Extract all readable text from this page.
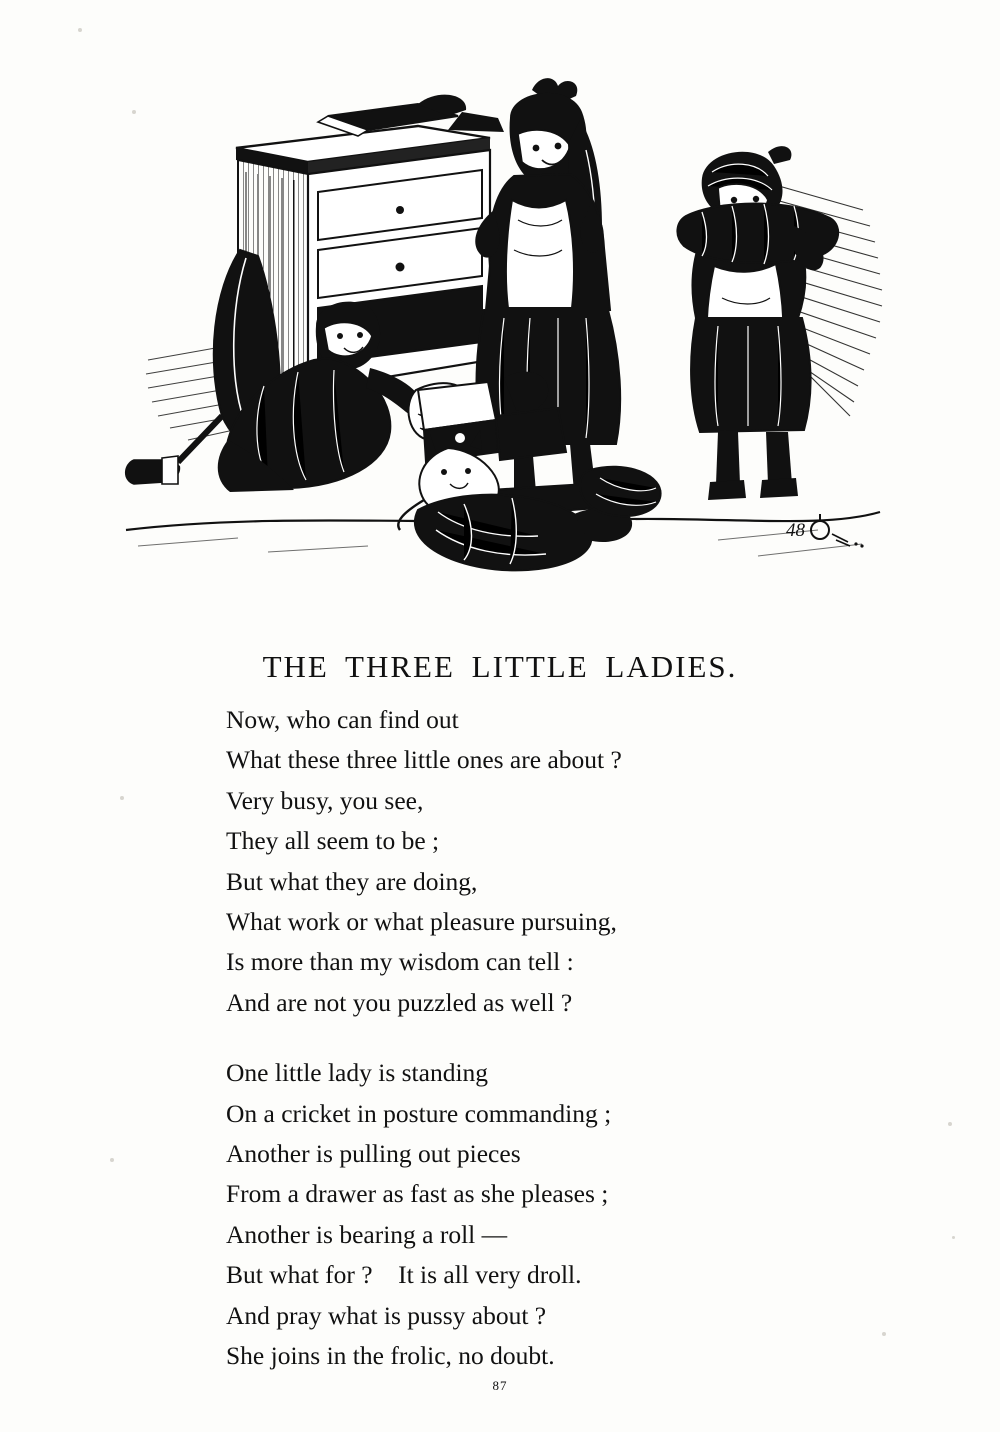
48
THE THREE LITTLE LADIES.
Now, who can find out
What these three little ones are about ?
Very busy, you see,
They all seem to be ;
But what they are doing,
What work or what pleasure pursuing,
Is more than my wisdom can tell :
And are not you puzzled as well ?
One little lady is standing
On a cricket in posture commanding ;
Another is pulling out pieces
From a drawer as fast as she pleases ;
Another is bearing a roll —
But what for ?    It is all very droll.
And pray what is pussy about ?
She joins in the frolic, no doubt.
87
